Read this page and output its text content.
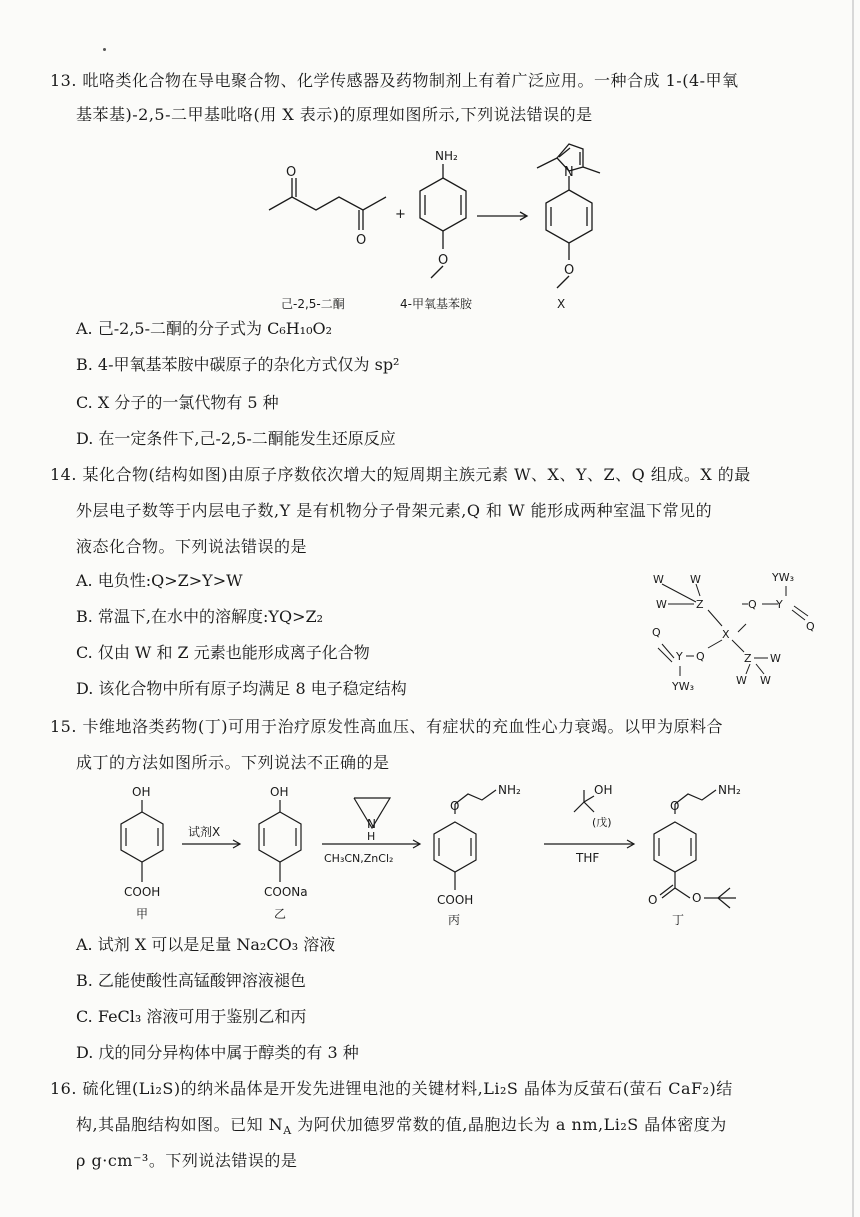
13. 吡咯类化合物在导电聚合物、化学传感器及药物制剂上有着广泛应用。一种合成 1-(4-甲氧
基苯基)-2,5-二甲基吡咯(用 X 表示)的原理如图所示,下列说法错误的是
O
O
+
NH₂
O
N
O
己-2,5-二酮	4-甲氧基苯胺	X
A. 己-2,5-二酮的分子式为 C₆H₁₀O₂
B. 4-甲氧基苯胺中碳原子的杂化方式仅为 sp²
C. X 分子的一氯代物有 5 种
D. 在一定条件下,己-2,5-二酮能发生还原反应
14. 某化合物(结构如图)由原子序数依次增大的短周期主族元素 W、X、Y、Z、Q 组成。X 的最
外层电子数等于内层电子数,Y 是有机物分子骨架元素,Q 和 W 能形成两种室温下常见的
液态化合物。下列说法错误的是
A. 电负性:Q>Z>Y>W
B. 常温下,在水中的溶解度:YQ>Z₂
C. 仅由 W 和 Z 元素也能形成离子化合物
D. 该化合物中所有原子均满足 8 电子稳定结构
W W
W	Z	Q Y
YW₃
Q
X
Q
Y Q
YW₃
Z W
W W
15. 卡维地洛类药物(丁)可用于治疗原发性高血压、有症状的充血性心力衰竭。以甲为原料合
成丁的方法如图所示。下列说法不正确的是
OH
COOH
甲
试剂X
OH
COONa
乙
N
H
CH₃CN,ZnCl₂
O
NH₂
COOH
丙
OH
(戊)
THF
O
NH₂
O	O
丁
A. 试剂 X 可以是足量 Na₂CO₃ 溶液
B. 乙能使酸性高锰酸钾溶液褪色
C. FeCl₃ 溶液可用于鉴别乙和丙
D. 戊的同分异构体中属于醇类的有 3 种
16. 硫化锂(Li₂S)的纳米晶体是开发先进锂电池的关键材料,Li₂S 晶体为反萤石(萤石 CaF₂)结
构,其晶胞结构如图。已知 $N_A$ 为阿伏加德罗常数的值,晶胞边长为 a nm,Li₂S 晶体密度为
ρ g·cm⁻³。下列说法错误的是
